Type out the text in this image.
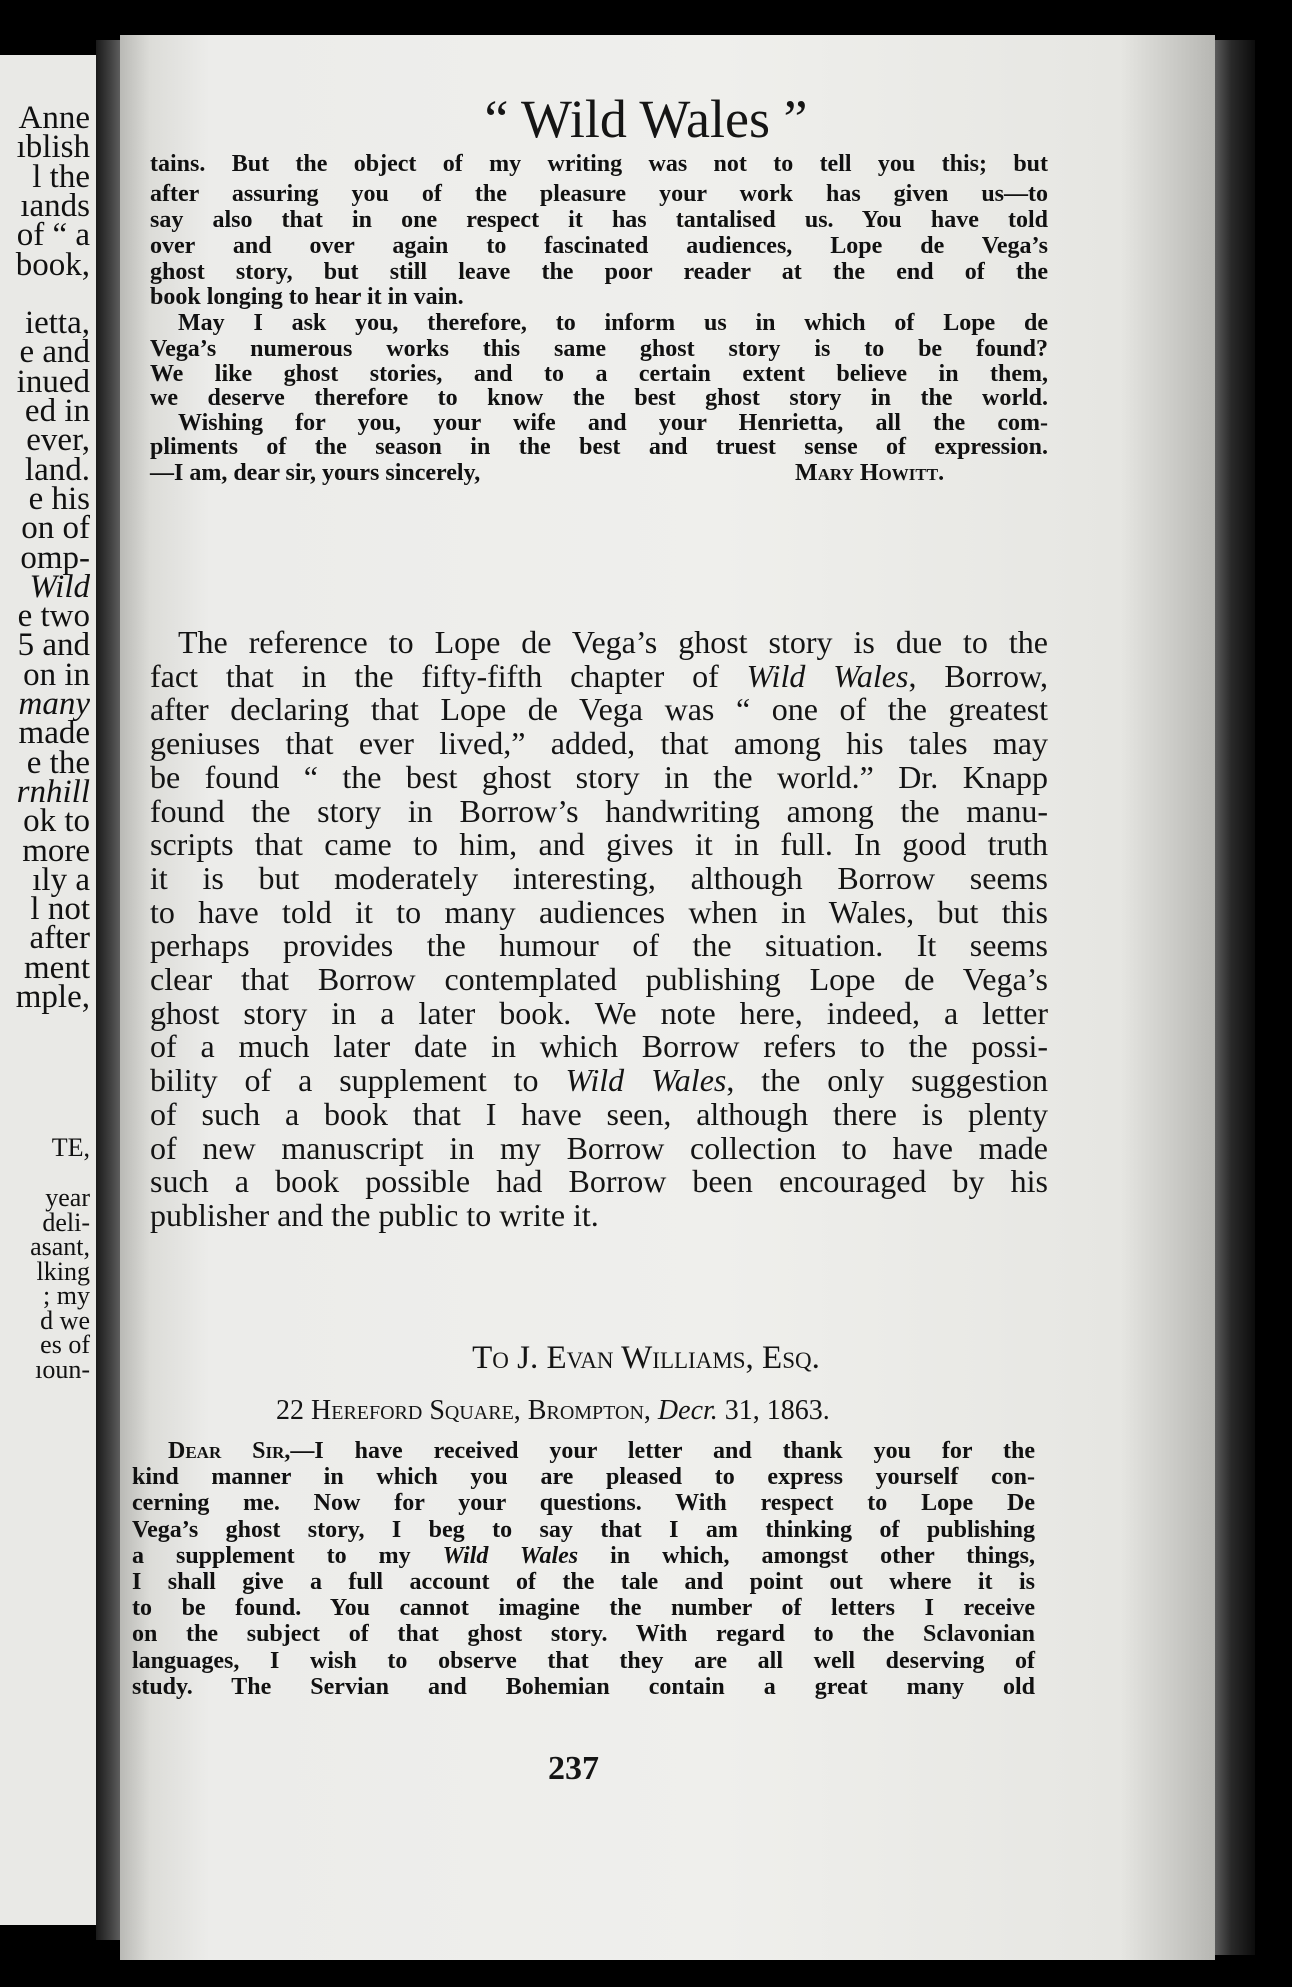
Anne
ıblish
l the
ıands
of “ a
book,
ietta,
e and
inued
ed in
ever,
land.
e his
on of
omp-
Wild
e two
5 and
on in
many
made
e the
rnhill
ok to
more
ıly a
l not
after
ment
mple,
TE,
year
deli-
asant,
lking
; my
d we
es of
ıoun-
“ Wild Wales ”
tains. But the object of my writing was not to tell you this; but
after assuring you of the pleasure your work has given us—to
say also that in one respect it has tantalised us. You have told
over and over again to fascinated audiences, Lope de Vega’s
ghost story, but still leave the poor reader at the end of the
book longing to hear it in vain.
May I ask you, therefore, to inform us in which of Lope de
Vega’s numerous works this same ghost story is to be found?
We like ghost stories, and to a certain extent believe in them,
we deserve therefore to know the best ghost story in the world.
Wishing for you, your wife and your Henrietta, all the com-
pliments of the season in the best and truest sense of expression.
—I am, dear sir, yours sincerely,	Mary Howitt.
The reference to Lope de Vega’s ghost story is due to the
fact that in the fifty-fifth chapter of Wild Wales, Borrow,
after declaring that Lope de Vega was “ one of the greatest
geniuses that ever lived,” added, that among his tales may
be found “ the best ghost story in the world.” Dr. Knapp
found the story in Borrow’s handwriting among the manu-
scripts that came to him, and gives it in full. In good truth
it is but moderately interesting, although Borrow seems
to have told it to many audiences when in Wales, but this
perhaps provides the humour of the situation. It seems
clear that Borrow contemplated publishing Lope de Vega’s
ghost story in a later book. We note here, indeed, a letter
of a much later date in which Borrow refers to the possi-
bility of a supplement to Wild Wales, the only suggestion
of such a book that I have seen, although there is plenty
of new manuscript in my Borrow collection to have made
such a book possible had Borrow been encouraged by his
publisher and the public to write it.
To J. Evan Williams, Esq.
22 Hereford Square, Brompton, Decr. 31, 1863.
Dear Sir,—I have received your letter and thank you for the
kind manner in which you are pleased to express yourself con-
cerning me. Now for your questions. With respect to Lope De
Vega’s ghost story, I beg to say that I am thinking of publishing
a supplement to my Wild Wales in which, amongst other things,
I shall give a full account of the tale and point out where it is
to be found. You cannot imagine the number of letters I receive
on the subject of that ghost story. With regard to the Sclavonian
languages, I wish to observe that they are all well deserving of
study. The Servian and Bohemian contain a great many old
237
